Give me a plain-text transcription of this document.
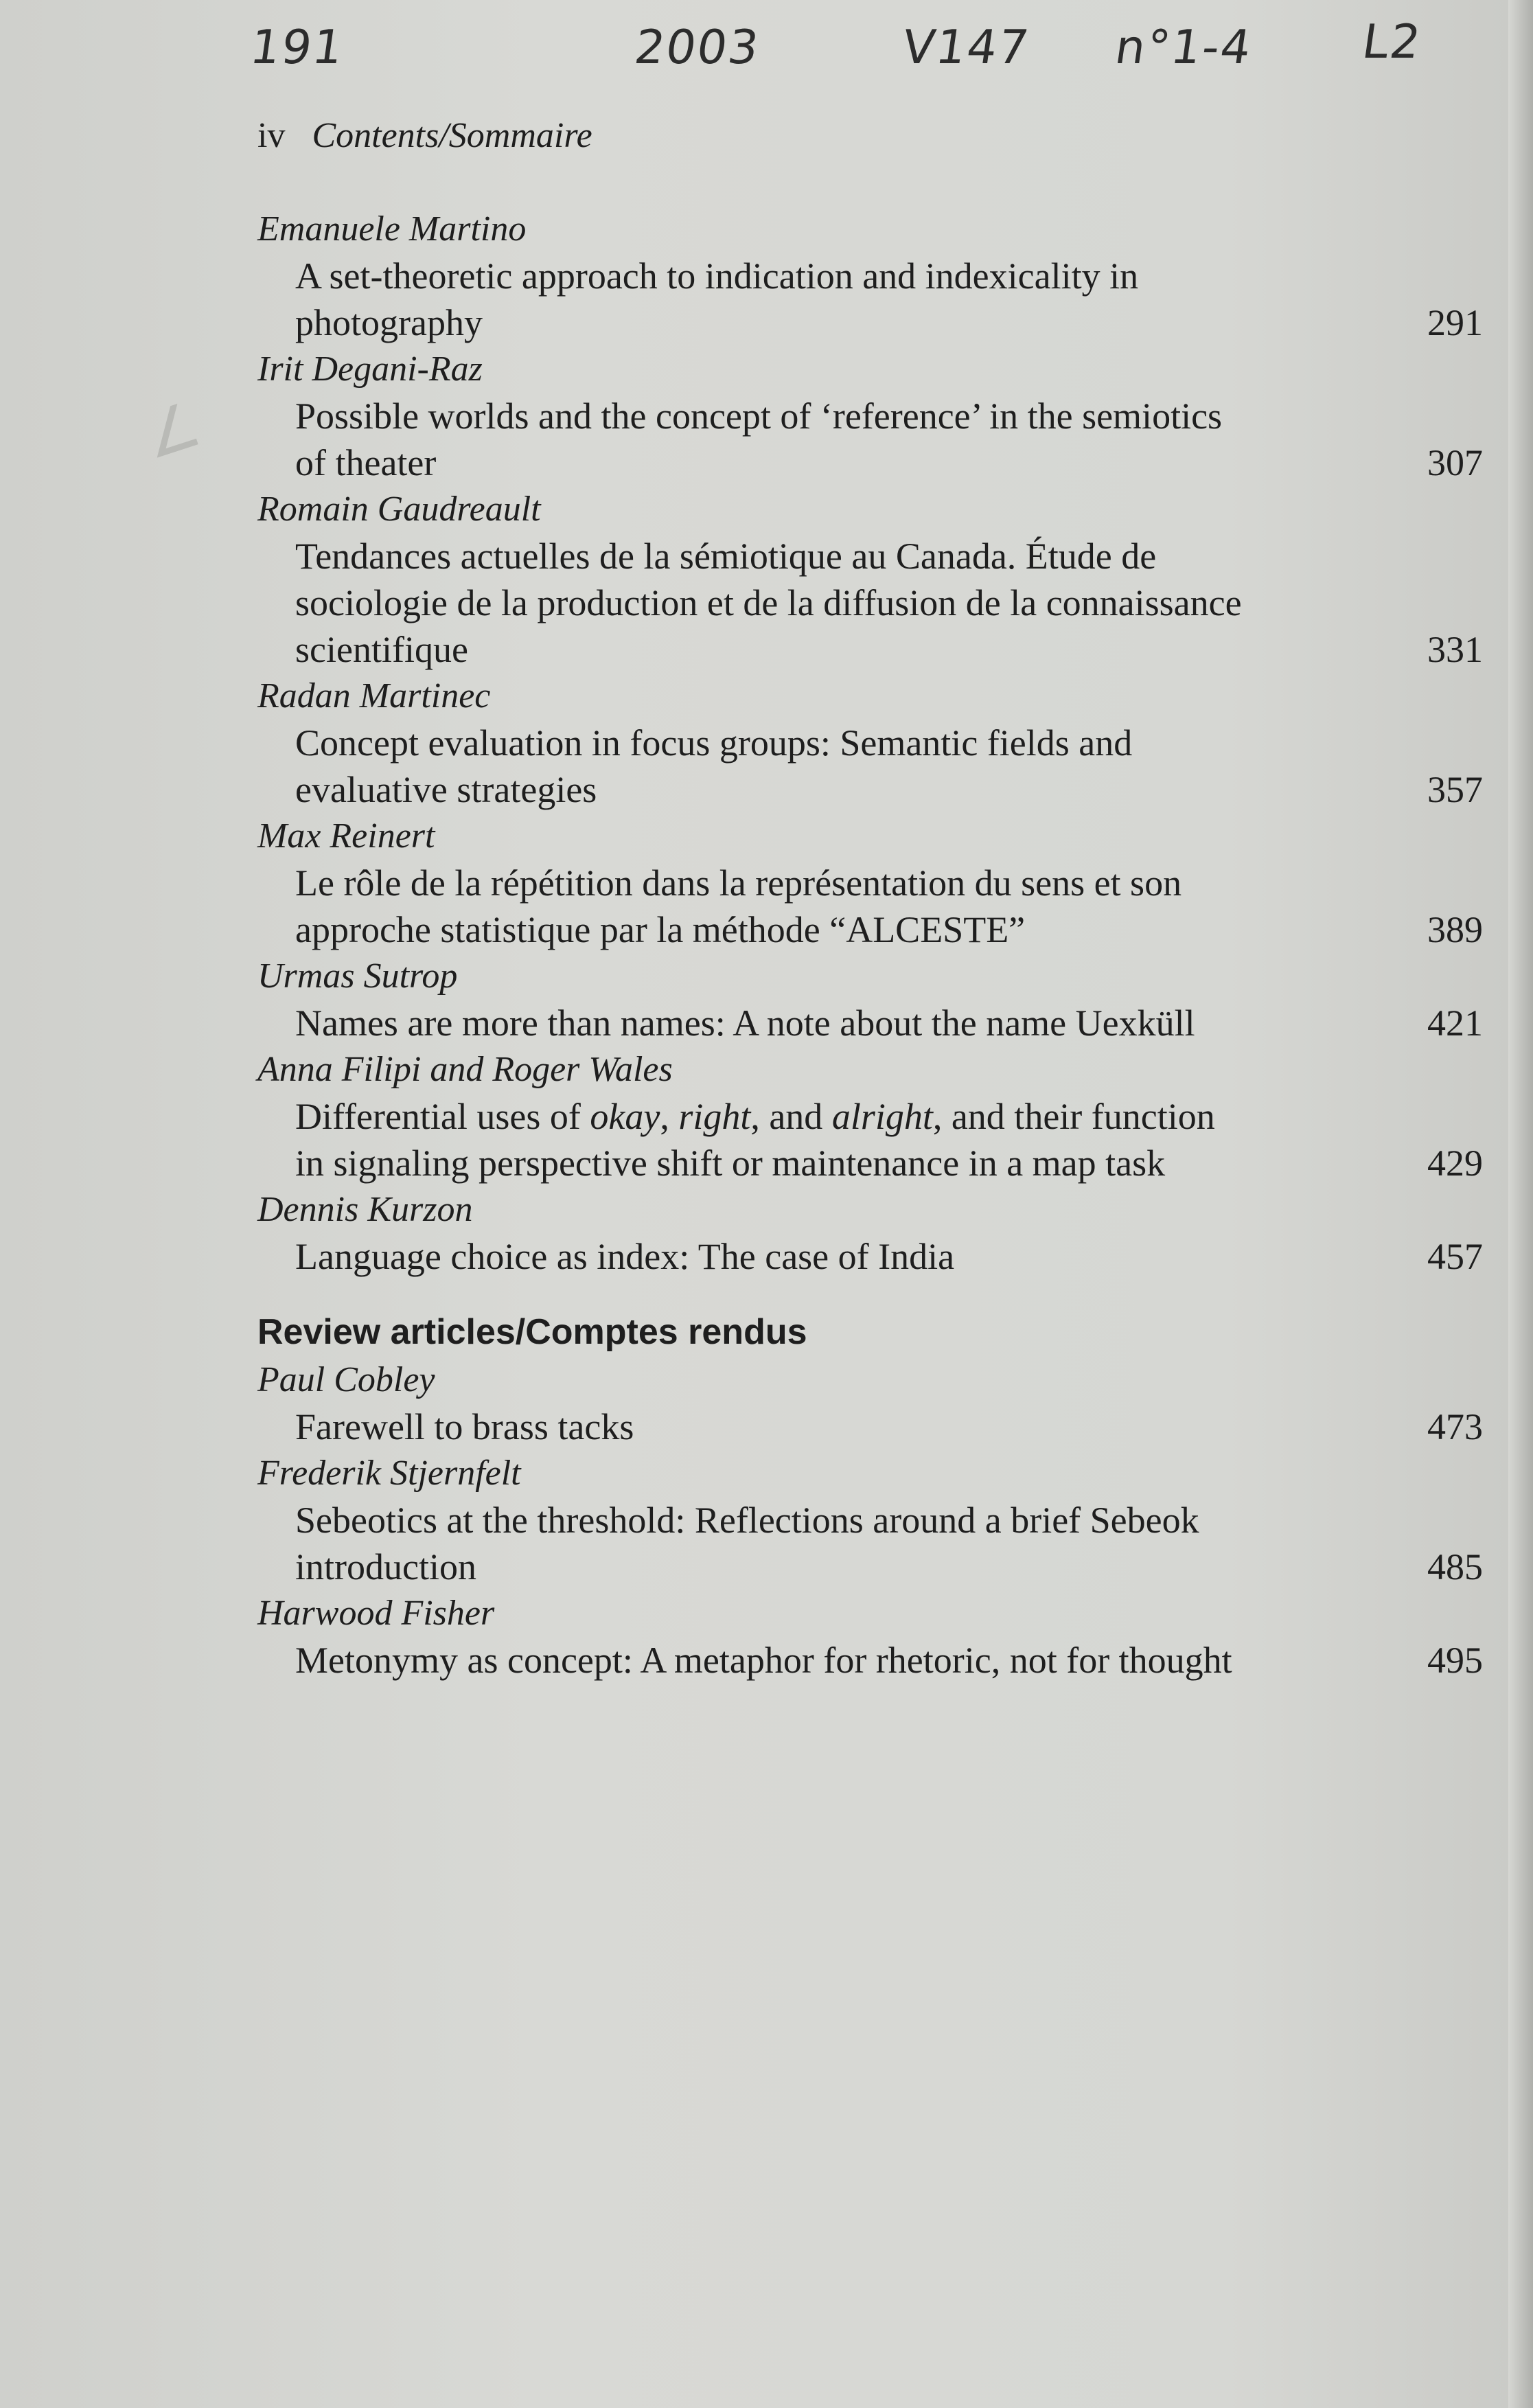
191	2003	V147 n°1-4 L2
∠
iv Contents/Sommaire
Emanuele Martino
A set-theoretic approach to indication and indexicality in
photography	291
Irit Degani-Raz
Possible worlds and the concept of ‘reference’ in the semiotics
of theater	307
Romain Gaudreault
Tendances actuelles de la sémiotique au Canada. Étude de
sociologie de la production et de la diffusion de la connaissance
scientifique	331
Radan Martinec
Concept evaluation in focus groups: Semantic fields and
evaluative strategies	357
Max Reinert
Le rôle de la répétition dans la représentation du sens et son
approche statistique par la méthode “ALCESTE”	389
Urmas Sutrop
Names are more than names: A note about the name Uexküll	421
Anna Filipi and Roger Wales
Differential uses of okay, right, and alright, and their function
in signaling perspective shift or maintenance in a map task	429
Dennis Kurzon
Language choice as index: The case of India	457
Review articles/Comptes rendus
Paul Cobley
Farewell to brass tacks	473
Frederik Stjernfelt
Sebeotics at the threshold: Reflections around a brief Sebeok
introduction	485
Harwood Fisher
Metonymy as concept: A metaphor for rhetoric, not for thought	495
